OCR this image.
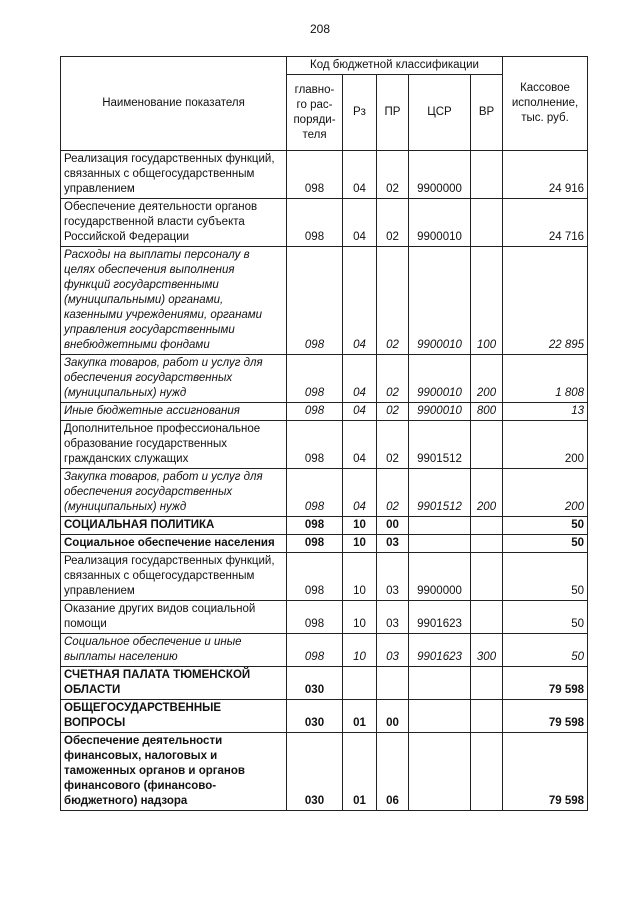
208
Наименование показателя	Код бюджетной классификации					Кассовое исполнение, тыс. руб.
	главно-го рас-поряди-теля	Рз	ПР	ЦСР	ВР	
Реализация государственных функций, связанных с общегосударственным управлением	098	04	02	9900000		24 916
Обеспечение деятельности органов государственной власти субъекта Российской Федерации	098	04	02	9900010		24 716
Расходы на выплаты персоналу в целях обеспечения выполнения функций государственными (муниципальными) органами, казенными учреждениями, органами управления государственными внебюджетными фондами	098	04	02	9900010	100	22 895
Закупка товаров, работ и услуг для обеспечения государственных (муниципальных) нужд	098	04	02	9900010	200	1 808
Иные бюджетные ассигнования	098	04	02	9900010	800	13
Дополнительное профессиональное образование государственных гражданских служащих	098	04	02	9901512		200
Закупка товаров, работ и услуг для обеспечения государственных (муниципальных) нужд	098	04	02	9901512	200	200
СОЦИАЛЬНАЯ ПОЛИТИКА	098	10	00			50
Социальное обеспечение населения	098	10	03			50
Реализация государственных функций, связанных с общегосударственным управлением	098	10	03	9900000		50
Оказание других видов социальной помощи	098	10	03	9901623		50
Социальное обеспечение и иные выплаты населению	098	10	03	9901623	300	50
СЧЕТНАЯ ПАЛАТА ТЮМЕНСКОЙ ОБЛАСТИ	030					79 598
ОБЩЕГОСУДАРСТВЕННЫЕ ВОПРОСЫ	030	01	00			79 598
Обеспечение деятельности финансовых, налоговых и таможенных органов и органов финансового (финансово-бюджетного) надзора	030	01	06			79 598
